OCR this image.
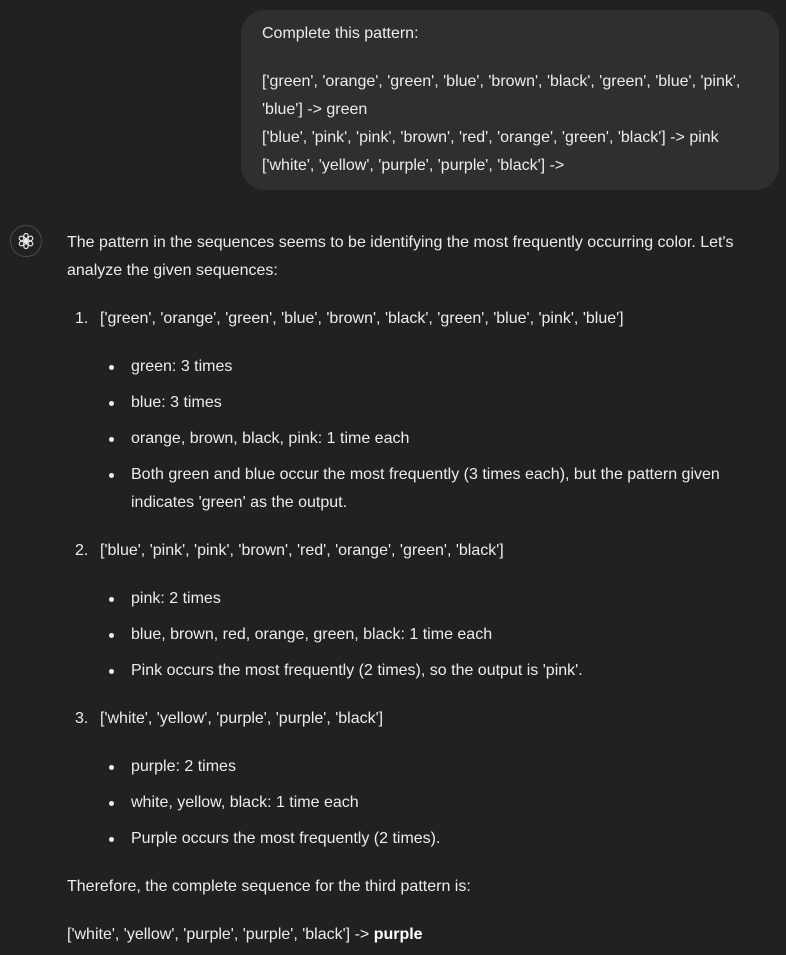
Complete this pattern:

['green', 'orange', 'green', 'blue', 'brown', 'black', 'green', 'blue', 'pink', 'blue'] -> green

['blue', 'pink', 'pink', 'brown', 'red', 'orange', 'green', 'black'] -> pink

['white', 'yellow', 'purple', 'purple', 'black'] ->

The pattern in the sequences seems to be identifying the most frequently occurring color. Let's analyze the given sequences:

1. ['green', 'orange', 'green', 'blue', 'brown', 'black', 'green', 'blue', 'pink', 'blue']
green: 3 times
blue: 3 times
orange, brown, black, pink: 1 time each
Both green and blue occur the most frequently (3 times each), but the pattern given indicates 'green' as the output.
2. ['blue', 'pink', 'pink', 'brown', 'red', 'orange', 'green', 'black']
pink: 2 times
blue, brown, red, orange, green, black: 1 time each
Pink occurs the most frequently (2 times), so the output is 'pink'.
3. ['white', 'yellow', 'purple', 'purple', 'black']
purple: 2 times
white, yellow, black: 1 time each
Purple occurs the most frequently (2 times).

Therefore, the complete sequence for the third pattern is:

['white', 'yellow', 'purple', 'purple', 'black'] -> purple
